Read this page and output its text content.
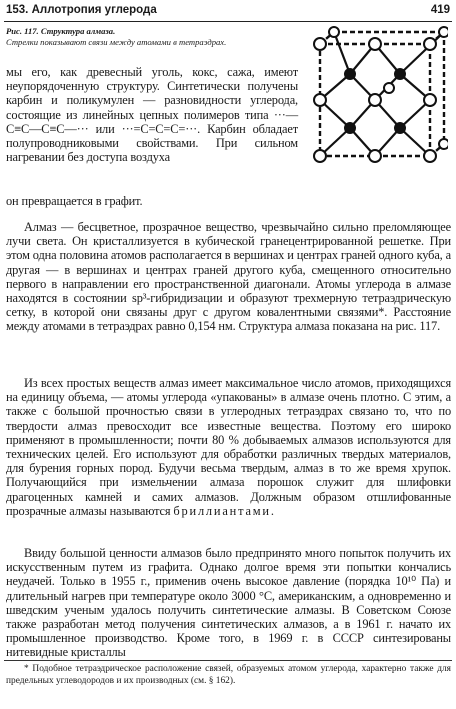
153. Аллотропия углерода	419
Рис. 117. Структура алмаза.
Стрелки показывают связи между атомами в тетраэдрах.

мы его, как древесный уголь, кокс, сажа, имеют неупорядоченную структуру. Синтетически получены карбин и поликумулен — разновидности углерода, состоящие из линейных цепных полимеров типа ···—С≡С—С≡С—··· или ···=С=С=С=···. Карбин обладает полупроводниковыми свойствами. При сильном нагревании без доступа воздуха

он превращается в графит.

Алмаз — бесцветное, прозрачное вещество, чрезвычайно сильно преломляющее лучи света. Он кристаллизуется в кубической гранецентрированной решетке. При этом одна половина атомов располагается в вершинах и центрах граней одного куба, а другая — в вершинах и центрах граней другого куба, смещенного относительно первого в направлении его пространственной диагонали. Атомы углерода в алмазе находятся в состоянии sp³-гибридизации и образуют трехмерную тетраэдрическую сетку, в которой они связаны друг с другом ковалентными связями*. Расстояние между атомами в тетраэдрах равно 0,154 нм. Структура алмаза показана на рис. 117.

Из всех простых веществ алмаз имеет максимальное число атомов, приходящихся на единицу объема, — атомы углерода «упакованы» в алмазе очень плотно. С этим, а также с большой прочностью связи в углеродных тетраэдрах связано то, что по твердости алмаз превосходит все известные вещества. Поэтому его широко применяют в промышленности; почти 80 % добываемых алмазов используются для технических целей. Его используют для обработки различных твердых материалов, для бурения горных пород. Будучи весьма твердым, алмаз в то же время хрупок. Получающийся при измельчении алмаза порошок служит для шлифовки драгоценных камней и самих алмазов. Должным образом отшлифованные прозрачные алмазы называются бриллиантами.

Ввиду большой ценности алмазов было предпринято много попыток получить их искусственным путем из графита. Однако долгое время эти попытки кончались неудачей. Только в 1955 г., применив очень высокое давление (порядка 10¹⁰ Па) и длительный нагрев при температуре около 3000 °С, американским, а одновременно и шведским ученым удалось получить синтетические алмазы. В Советском Союзе также разработан метод получения синтетических алмазов, а в 1961 г. начато их промышленное производство. Кроме того, в 1969 г. в СССР синтезированы нитевидные кристаллы

* Подобное тетраэдрическое расположение связей, образуемых атомом углерода, характерно также для предельных углеводородов и их производных (см. § 162).
